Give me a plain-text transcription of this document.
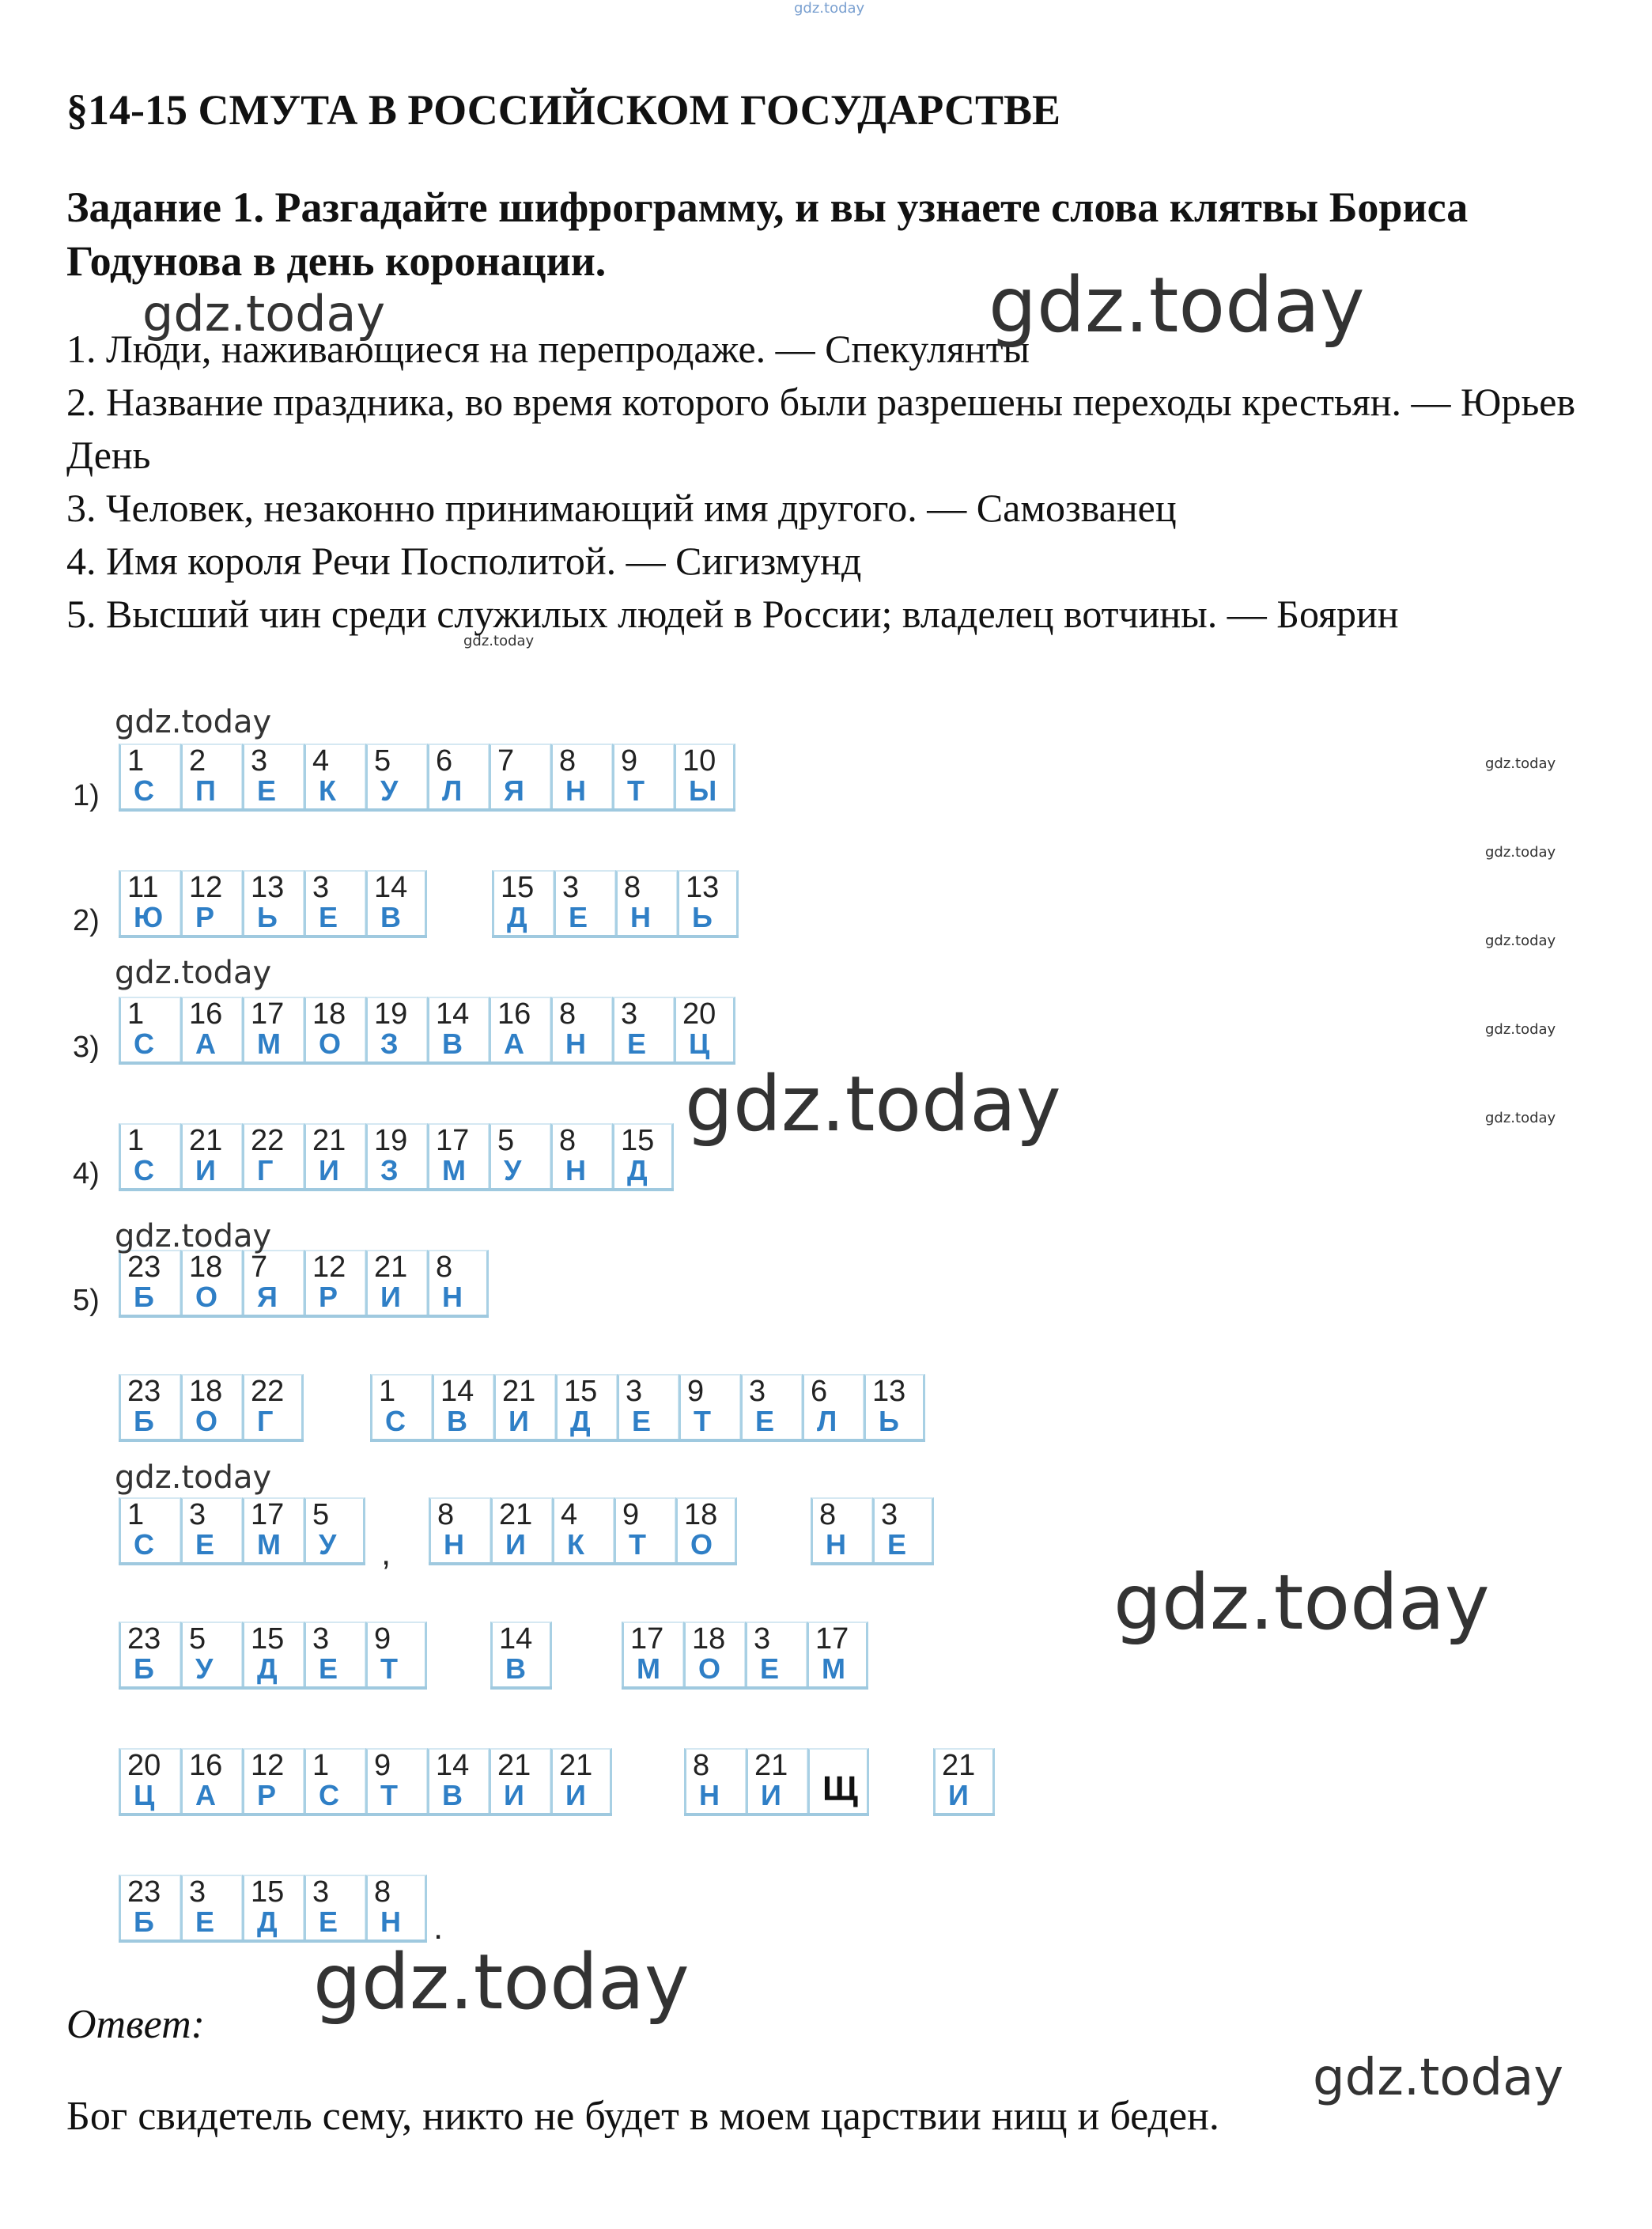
gdz.today
§14-15 СМУТА В РОССИЙСКОМ ГОСУДАРСТВЕ
Задание 1. Разгадайте шифрограмму, и вы узнаете слова клятвы Бориса Годунова в день коронации.
1. Люди, наживающиеся на перепродаже. — Спекулянты
2. Название праздника, во время которого были разрешены переходы крестьян. — Юрьев День
3. Человек, незаконно принимающий имя другого. — Самозванец
4. Имя короля Речи Посполитой. — Сигизмунд
5. Высший чин среди служилых людей в России; владелец вотчины. — Боярин
1)
2)
3)
4)
5)
1
С
2
П
3
Е
4
К
5
У
6
Л
7
Я
8
Н
9
Т
10
Ы
11
Ю
12
Р
13
Ь
3
Е
14
В
15
Д
3
Е
8
Н
13
Ь
1
С
16
А
17
М
18
О
19
З
14
В
16
А
8
Н
3
Е
20
Ц
1
С
21
И
22
Г
21
И
19
З
17
М
5
У
8
Н
15
Д
23
Б
18
О
7
Я
12
Р
21
И
8
Н
23
Б
18
О
22
Г
1
С
14
В
21
И
15
Д
3
Е
9
Т
3
Е
6
Л
13
Ь
1
С
3
Е
17
М
5
У ,
8
Н
21
И
4
К
9
Т
18
О
8
Н
3
Е
23
Б
5
У
15
Д
3
Е
9
Т
14
В
17
М
18
О
3
Е
17
М
20
Ц
16
А
12
Р
1
С
9
Т
14
В
21
И
21
И
8
Н
21
И Щ
21
И
23
Б
3
Е
15
Д
3
Е
8
Н .
Ответ:
Бог свидетель сему, никто не будет в моем царствии нищ и беден.
gdz.today	gdz.today
gdz.today
gdz.today
gdz.today
gdz.today
gdz.today
gdz.today
gdz.today
gdz.today
gdz.today
gdz.today
gdz.today
gdz.today
gdz.today
gdz.today
